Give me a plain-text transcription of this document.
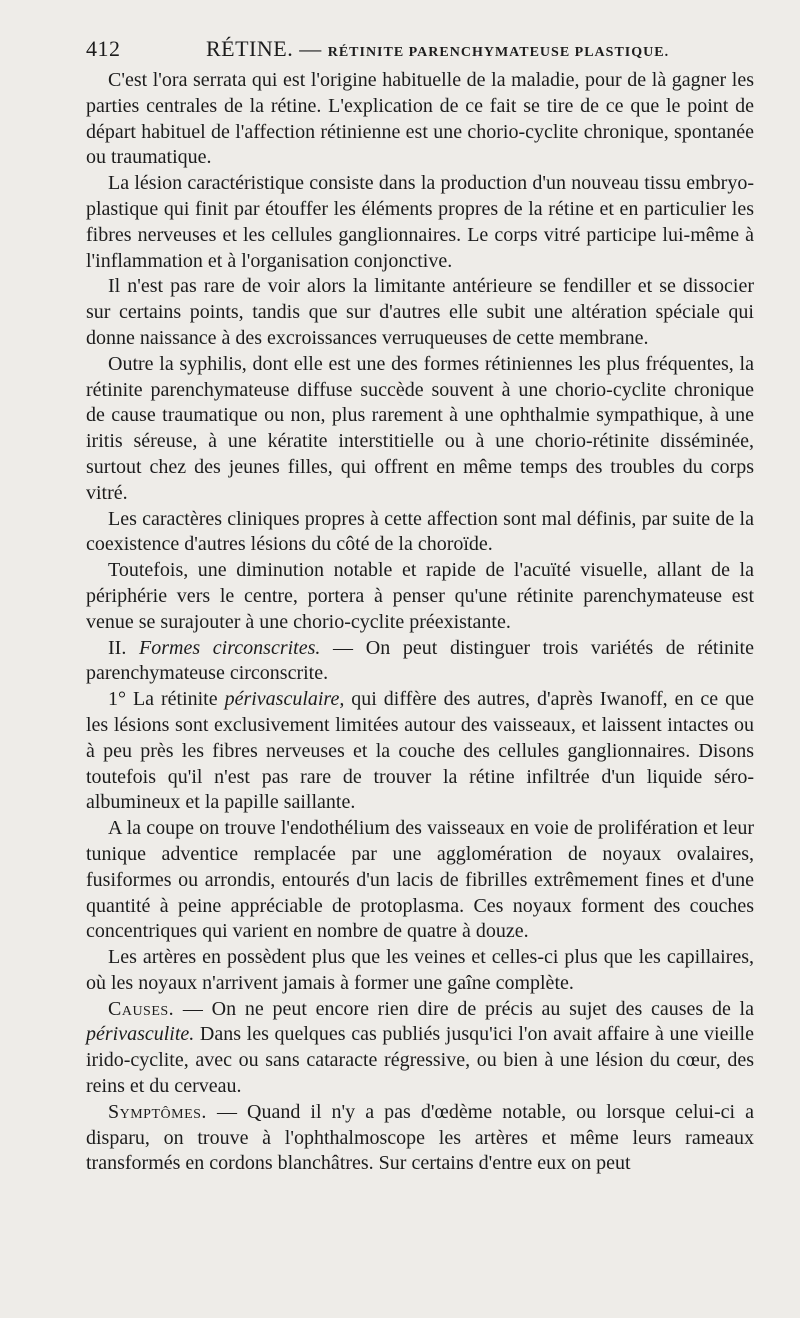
412	RÉTINE. — RÉTINITE PARENCHYMATEUSE PLASTIQUE.

C'est l'ora serrata qui est l'origine habituelle de la maladie, pour de là gagner les parties centrales de la rétine. L'explication de ce fait se tire de ce que le point de départ habituel de l'affection rétinienne est une chorio-cyclite chronique, spontanée ou traumatique.

La lésion caractéristique consiste dans la production d'un nouveau tissu embryo-plastique qui finit par étouffer les éléments propres de la rétine et en particulier les fibres nerveuses et les cellules ganglionnaires. Le corps vitré participe lui-même à l'inflammation et à l'organisation conjonctive.

Il n'est pas rare de voir alors la limitante antérieure se fendiller et se dissocier sur certains points, tandis que sur d'autres elle subit une altération spéciale qui donne naissance à des excroissances verruqueuses de cette membrane.

Outre la syphilis, dont elle est une des formes rétiniennes les plus fréquentes, la rétinite parenchymateuse diffuse succède souvent à une chorio-cyclite chronique de cause traumatique ou non, plus rarement à une ophthalmie sympathique, à une iritis séreuse, à une kératite interstitielle ou à une chorio-rétinite disséminée, surtout chez des jeunes filles, qui offrent en même temps des troubles du corps vitré.

Les caractères cliniques propres à cette affection sont mal définis, par suite de la coexistence d'autres lésions du côté de la choroïde.

Toutefois, une diminution notable et rapide de l'acuïté visuelle, allant de la périphérie vers le centre, portera à penser qu'une rétinite parenchymateuse est venue se surajouter à une chorio-cyclite préexistante.

II. Formes circonscrites. — On peut distinguer trois variétés de rétinite parenchymateuse circonscrite.

1° La rétinite périvasculaire, qui diffère des autres, d'après Iwanoff, en ce que les lésions sont exclusivement limitées autour des vaisseaux, et laissent intactes ou à peu près les fibres nerveuses et la couche des cellules ganglionnaires. Disons toutefois qu'il n'est pas rare de trouver la rétine infiltrée d'un liquide séro-albumineux et la papille saillante.

A la coupe on trouve l'endothélium des vaisseaux en voie de prolifération et leur tunique adventice remplacée par une agglomération de noyaux ovalaires, fusiformes ou arrondis, entourés d'un lacis de fibrilles extrêmement fines et d'une quantité à peine appréciable de protoplasma. Ces noyaux forment des couches concentriques qui varient en nombre de quatre à douze.

Les artères en possèdent plus que les veines et celles-ci plus que les capillaires, où les noyaux n'arrivent jamais à former une gaîne complète.

Causes. — On ne peut encore rien dire de précis au sujet des causes de la périvasculite. Dans les quelques cas publiés jusqu'ici l'on avait affaire à une vieille irido-cyclite, avec ou sans cataracte régressive, ou bien à une lésion du cœur, des reins et du cerveau.

Symptômes. — Quand il n'y a pas d'œdème notable, ou lorsque celui-ci a disparu, on trouve à l'ophthalmoscope les artères et même leurs rameaux transformés en cordons blanchâtres. Sur certains d'entre eux on peut
